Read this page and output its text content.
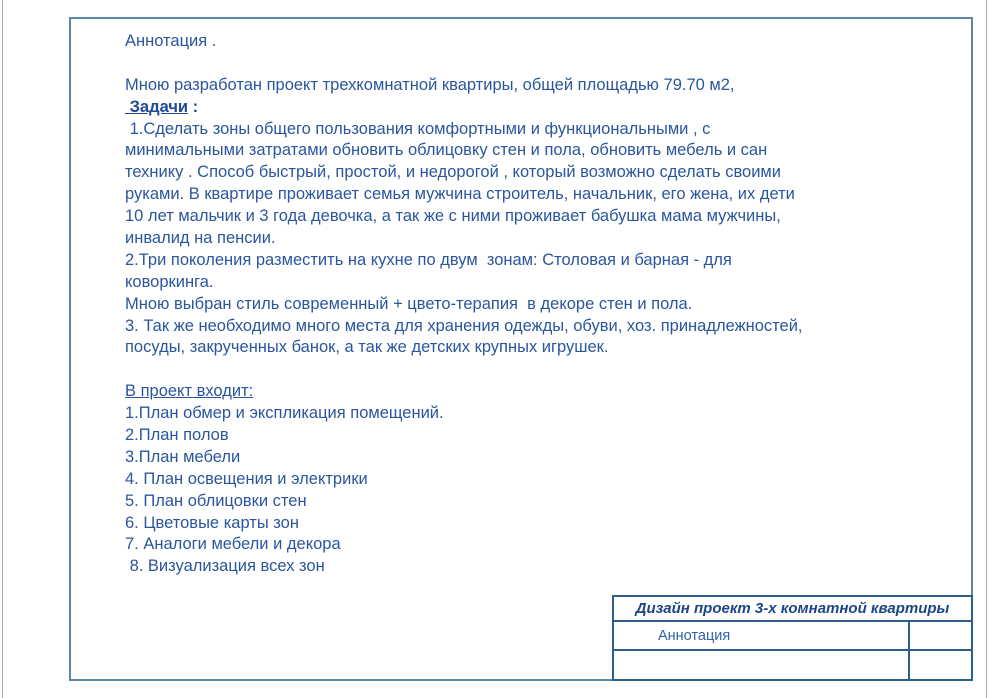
Аннотация .
Мною разработан проект трехкомнатной квартиры, общей площадью 79.70 м2,
Задачи :
1.Сделать зоны общего пользования комфортными и функциональными , с
минимальными затратами обновить облицовку стен и пола, обновить мебель и сан
технику . Способ быстрый, простой, и недорогой , который возможно сделать своими
руками. В квартире проживает семья мужчина строитель, начальник, его жена, их дети
10 лет мальчик и 3 года девочка, а так же с ними проживает бабушка мама мужчины,
инвалид на пенсии.
2.Три поколения разместить на кухне по двум  зонам: Столовая и барная - для
коворкинга.
Мною выбран стиль современный + цвето-терапия  в декоре стен и пола.
3. Так же необходимо много места для хранения одежды, обуви, хоз. принадлежностей,
посуды, закрученных банок, а так же детских крупных игрушек.
В проект входит:
1.План обмер и экспликация помещений.
2.План полов
3.План мебели
4. План освещения и электрики
5. План облицовки стен
6. Цветовые карты зон
7. Аналоги мебели и декора
8. Визуализация всех зон
Дизайн проект 3-х комнатной квартиры
Аннотация
